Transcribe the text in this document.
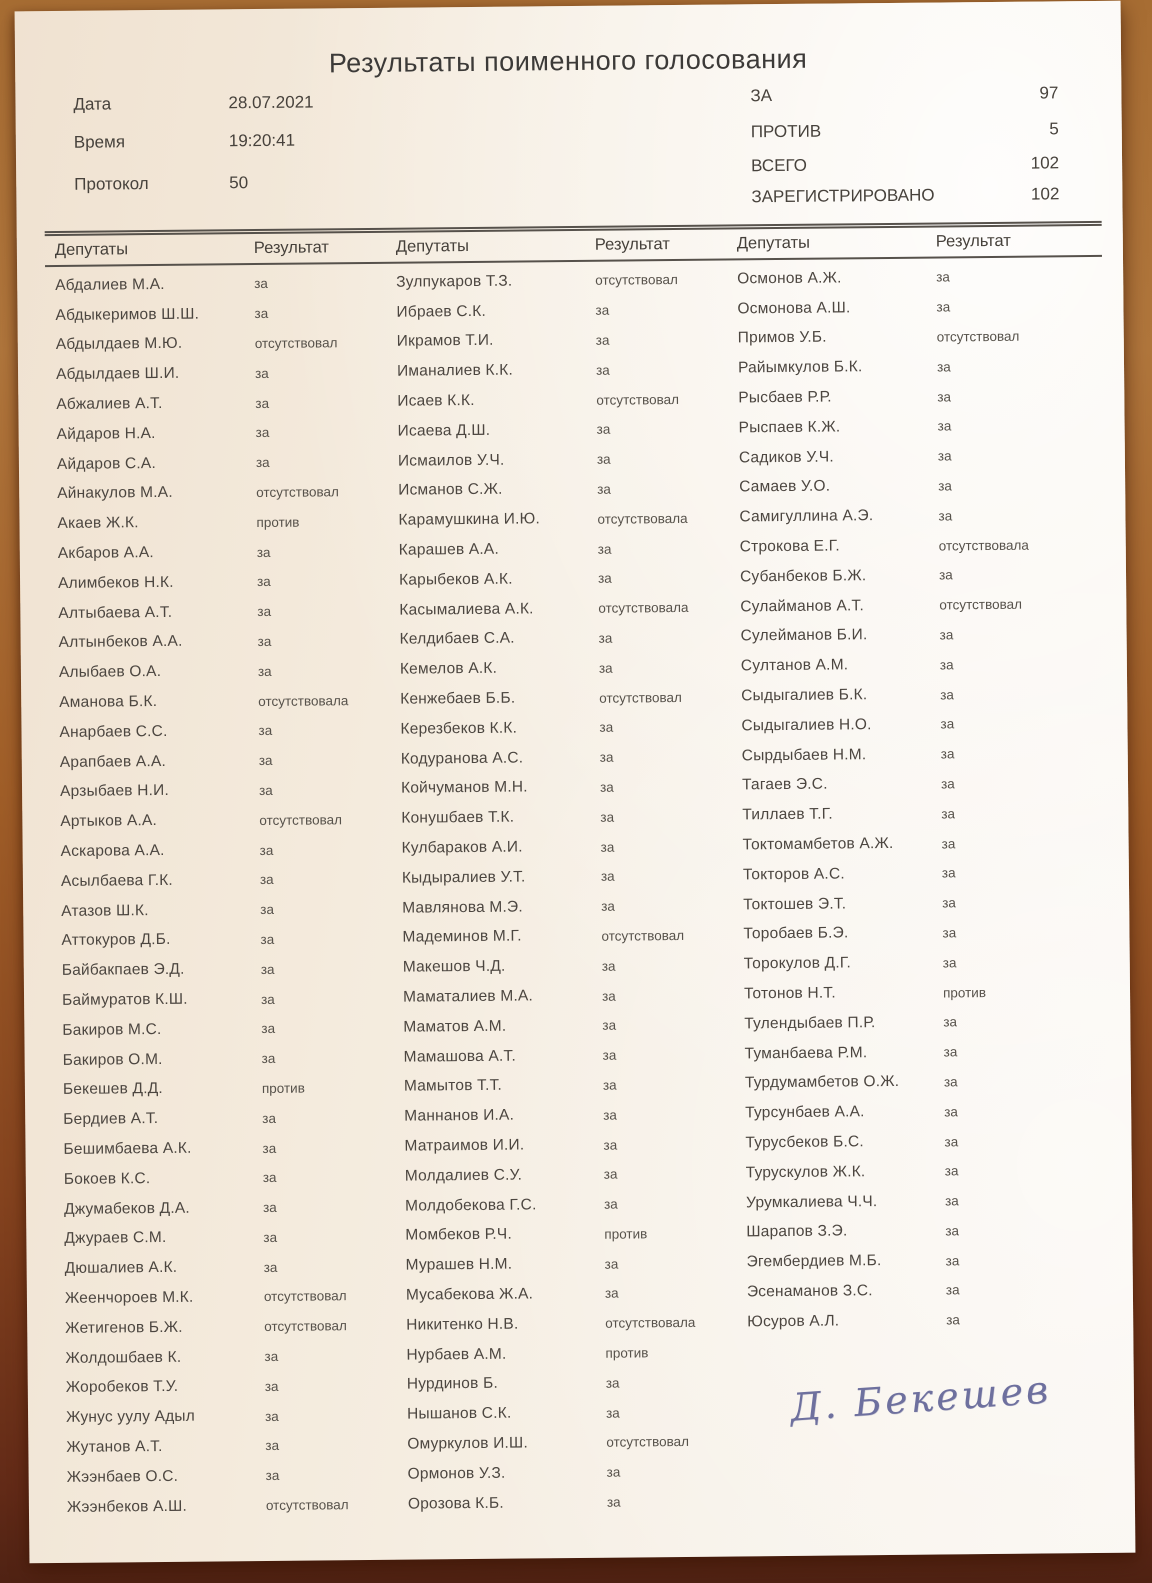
Результаты поименного голосования
Дата	28.07.2021
Время	19:20:41
Протокол	50
ЗА	97
ПРОТИВ	5
ВСЕГО	102
ЗАРЕГИСТРИРОВАНО	102
Депутаты	Результат	Депутаты	Результат	Депутаты	Результат
Абдалиев М.А.	за
Абдыкеримов Ш.Ш.	за
Абдылдаев М.Ю.	отсутствовал
Абдылдаев Ш.И.	за
Абжалиев А.Т.	за
Айдаров Н.А.	за
Айдаров С.А.	за
Айнакулов М.А.	отсутствовал
Акаев Ж.К.	против
Акбаров А.А.	за
Алимбеков Н.К.	за
Алтыбаева А.Т.	за
Алтынбеков А.А.	за
Алыбаев О.А.	за
Аманова Б.К.	отсутствовала
Анарбаев С.С.	за
Арапбаев А.А.	за
Арзыбаев Н.И.	за
Артыков А.А.	отсутствовал
Аскарова А.А.	за
Асылбаева Г.К.	за
Атазов Ш.К.	за
Аттокуров Д.Б.	за
Байбакпаев Э.Д.	за
Баймуратов К.Ш.	за
Бакиров М.С.	за
Бакиров О.М.	за
Бекешев Д.Д.	против
Бердиев А.Т.	за
Бешимбаева А.К.	за
Бокоев К.С.	за
Джумабеков Д.А.	за
Джураев С.М.	за
Дюшалиев А.К.	за
Жеенчороев М.К.	отсутствовал
Жетигенов Б.Ж.	отсутствовал
Жолдошбаев К.	за
Жоробеков Т.У.	за
Жунус уулу Адыл	за
Жутанов А.Т.	за
Жээнбаев О.С.	за
Жээнбеков А.Ш.	отсутствовал
Зулпукаров Т.З.	отсутствовал
Ибраев С.К.	за
Икрамов Т.И.	за
Иманалиев К.К.	за
Исаев К.К.	отсутствовал
Исаева Д.Ш.	за
Исмаилов У.Ч.	за
Исманов С.Ж.	за
Карамушкина И.Ю.	отсутствовала
Карашев А.А.	за
Карыбеков А.К.	за
Касымалиева А.К.	отсутствовала
Келдибаев С.А.	за
Кемелов А.К.	за
Кенжебаев Б.Б.	отсутствовал
Керезбеков К.К.	за
Кодуранова А.С.	за
Койчуманов М.Н.	за
Конушбаев Т.К.	за
Кулбараков А.И.	за
Кыдыралиев У.Т.	за
Мавлянова М.Э.	за
Мадеминов М.Г.	отсутствовал
Макешов Ч.Д.	за
Маматалиев М.А.	за
Маматов А.М.	за
Мамашова А.Т.	за
Мамытов Т.Т.	за
Маннанов И.А.	за
Матраимов И.И.	за
Молдалиев С.У.	за
Молдобекова Г.С.	за
Момбеков Р.Ч.	против
Мурашев Н.М.	за
Мусабекова Ж.А.	за
Никитенко Н.В.	отсутствовала
Нурбаев А.М.	против
Нурдинов Б.	за
Нышанов С.К.	за
Омуркулов И.Ш.	отсутствовал
Ормонов У.З.	за
Орозова К.Б.	за
Осмонов А.Ж.	за
Осмонова А.Ш.	за
Примов У.Б.	отсутствовал
Райымкулов Б.К.	за
Рысбаев Р.Р.	за
Рыспаев К.Ж.	за
Садиков У.Ч.	за
Самаев У.О.	за
Самигуллина А.Э.	за
Строкова Е.Г.	отсутствовала
Субанбеков Б.Ж.	за
Сулайманов А.Т.	отсутствовал
Сулейманов Б.И.	за
Султанов А.М.	за
Сыдыгалиев Б.К.	за
Сыдыгалиев Н.О.	за
Сырдыбаев Н.М.	за
Тагаев Э.С.	за
Тиллаев Т.Г.	за
Токтомамбетов А.Ж.	за
Токторов А.С.	за
Токтошев Э.Т.	за
Торобаев Б.Э.	за
Торокулов Д.Г.	за
Тотонов Н.Т.	против
Тулендыбаев П.Р.	за
Туманбаева Р.М.	за
Турдумамбетов О.Ж.	за
Турсунбаев А.А.	за
Турусбеков Б.С.	за
Турускулов Ж.К.	за
Урумкалиева Ч.Ч.	за
Шарапов З.Э.	за
Эгембердиев М.Б.	за
Эсенаманов З.С.	за
Юсуров А.Л.	за
Д. Бекешев
